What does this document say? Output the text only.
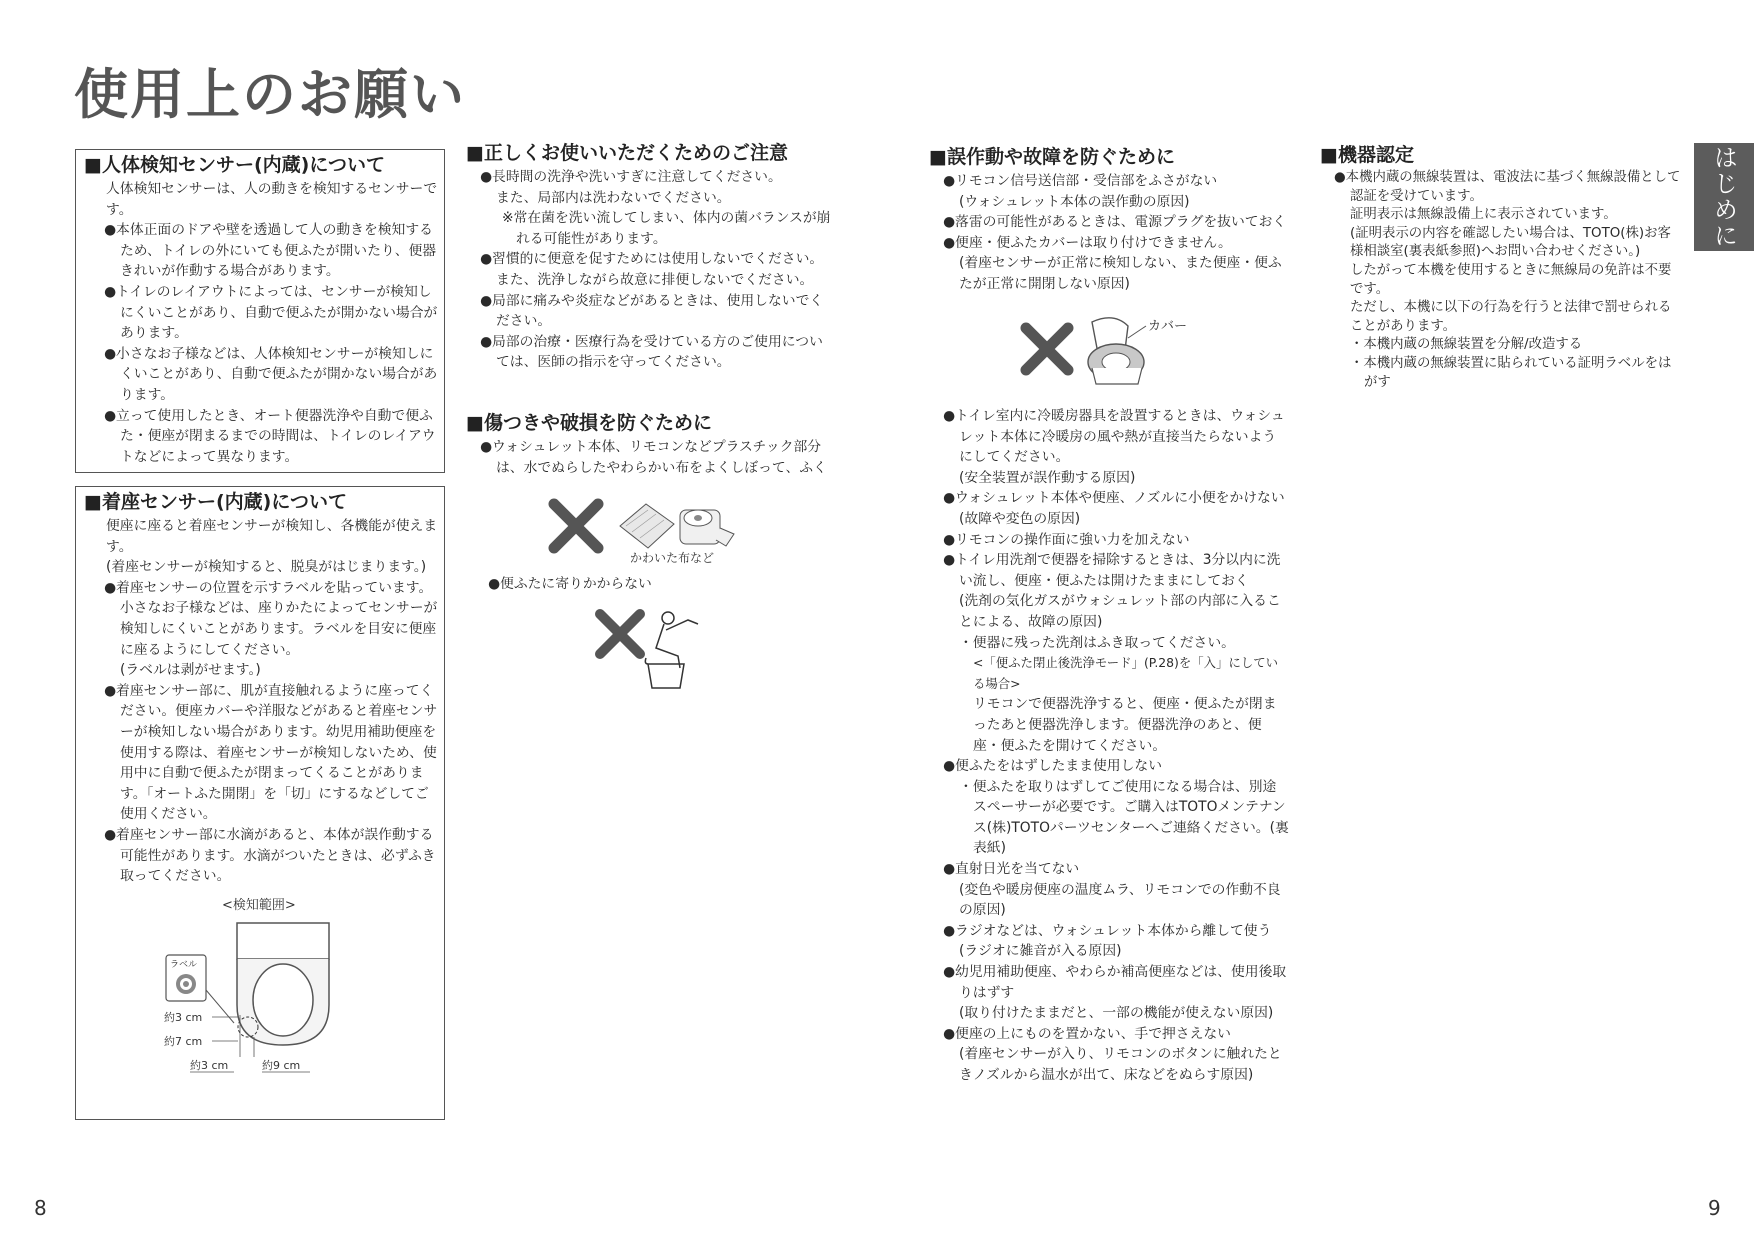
使用上のお願い
はじめに
■人体検知センサー(内蔵)について

人体検知センサーは、人の動きを検知するセンサーです。

●本体正面のドアや壁を透過して人の動きを検知するため、トイレの外にいても便ふたが開いたり、便器きれいが作動する場合があります。

●トイレのレイアウトによっては、センサーが検知しにくいことがあり、自動で便ふたが開かない場合があります。

●小さなお子様などは、人体検知センサーが検知しにくいことがあり、自動で便ふたが開かない場合があります。

●立って使用したとき、オート便器洗浄や自動で便ふた・便座が閉まるまでの時間は、トイレのレイアウトなどによって異なります。

■着座センサー(内蔵)について

便座に座ると着座センサーが検知し、各機能が使えます。

(着座センサーが検知すると、脱臭がはじまります。)

●着座センサーの位置を示すラベルを貼っています。

小さなお子様などは、座りかたによってセンサーが検知しにくいことがあります。ラベルを目安に便座に座るようにしてください。

(ラベルは剥がせます。)

●着座センサー部に、肌が直接触れるように座ってください。便座カバーや洋服などがあると着座センサーが検知しない場合があります。幼児用補助便座を使用する際は、着座センサーが検知しないため、使用中に自動で便ふたが閉まってくることがあります。「オートふた開閉」を「切」にするなどしてご使用ください。

●着座センサー部に水滴があると、本体が誤作動する可能性があります。水滴がついたときは、必ずふき取ってください。

<検知範囲>
ラベル
約3 cm
約7 cm
約3 cm	約9 cm
■正しくお使いいただくためのご注意

●長時間の洗浄や洗いすぎに注意してください。

また、局部内は洗わないでください。

※常在菌を洗い流してしまい、体内の菌バランスが崩れる可能性があります。

●習慣的に便意を促すためには使用しないでください。

また、洗浄しながら故意に排便しないでください。

●局部に痛みや炎症などがあるときは、使用しないでください。

●局部の治療・医療行為を受けている方のご使用については、医師の指示を守ってください。

■傷つきや破損を防ぐために

●ウォシュレット本体、リモコンなどプラスチック部分は、水でぬらしたやわらかい布をよくしぼって、ふく

かわいた布など

●便ふたに寄りかからない

■誤作動や故障を防ぐために

●リモコン信号送信部・受信部をふさがない

(ウォシュレット本体の誤作動の原因)

●落雷の可能性があるときは、電源プラグを抜いておく

●便座・便ふたカバーは取り付けできません。

(着座センサーが正常に検知しない、また便座・便ふたが正常に開閉しない原因)

カバー

●トイレ室内に冷暖房器具を設置するときは、ウォシュレット本体に冷暖房の風や熱が直接当たらないようにしてください。

(安全装置が誤作動する原因)

●ウォシュレット本体や便座、ノズルに小便をかけない

(故障や変色の原因)

●リモコンの操作面に強い力を加えない

●トイレ用洗剤で便器を掃除するときは、3分以内に洗い流し、便座・便ふたは開けたままにしておく

(洗剤の気化ガスがウォシュレット部の内部に入ることによる、故障の原因)

・便器に残った洗剤はふき取ってください。

<「便ふた閉止後洗浄モード」(P.28)を「入」にしている場合>

リモコンで便器洗浄すると、便座・便ふたが閉まったあと便器洗浄します。便器洗浄のあと、便座・便ふたを開けてください。

●便ふたをはずしたまま使用しない

・便ふたを取りはずしてご使用になる場合は、別途スペーサーが必要です。ご購入はTOTOメンテナンス(株)TOTOパーツセンターへご連絡ください。(裏表紙)

●直射日光を当てない

(変色や暖房便座の温度ムラ、リモコンでの作動不良の原因)

●ラジオなどは、ウォシュレット本体から離して使う

(ラジオに雑音が入る原因)

●幼児用補助便座、やわらか補高便座などは、使用後取りはずす

(取り付けたままだと、一部の機能が使えない原因)

●便座の上にものを置かない、手で押さえない

(着座センサーが入り、リモコンのボタンに触れたときノズルから温水が出て、床などをぬらす原因)

■機器認定

●本機内蔵の無線装置は、電波法に基づく無線設備として認証を受けています。

証明表示は無線設備上に表示されています。

(証明表示の内容を確認したい場合は、TOTO(株)お客様相談室(裏表紙参照)へお問い合わせください。)

したがって本機を使用するときに無線局の免許は不要です。

ただし、本機に以下の行為を行うと法律で罰せられることがあります。

・本機内蔵の無線装置を分解/改造する

・本機内蔵の無線装置に貼られている証明ラベルをはがす

8	9
